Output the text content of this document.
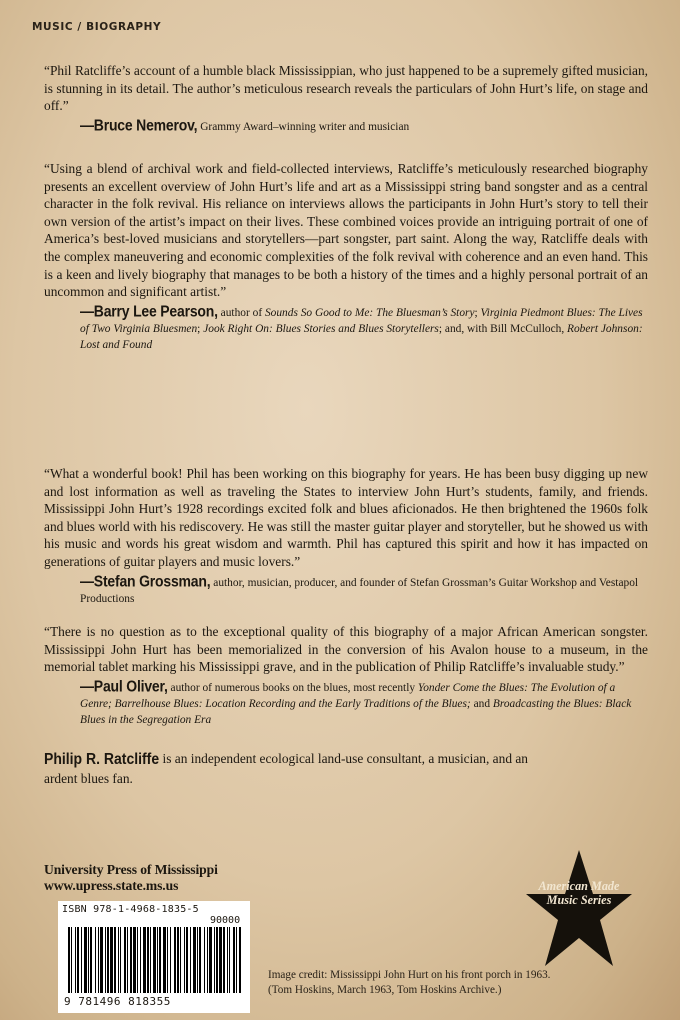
MUSIC / BIOGRAPHY

“Phil Ratcliffe’s account of a humble black Mississippian, who just happened to be a supremely gifted musician, is stunning in its detail. The author’s meticulous research reveals the particulars of John Hurt’s life, on stage and off.”

—Bruce Nemerov, Grammy Award–winning writer and musician

“Using a blend of archival work and field-collected interviews, Ratcliffe’s meticulously researched biography presents an excellent overview of John Hurt’s life and art as a Mississippi string band songster and as a central character in the folk revival. His reliance on interviews allows the participants in John Hurt’s story to tell their own version of the artist’s impact on their lives. These combined voices provide an intriguing portrait of one of America’s best-loved musicians and storytellers—part songster, part saint. Along the way, Ratcliffe deals with the complex maneuvering and economic complexities of the folk revival with coherence and an even hand. This is a keen and lively biography that manages to be both a history of the times and a highly personal portrait of an uncommon and significant artist.”

—Barry Lee Pearson, author of Sounds So Good to Me: The Bluesman’s Story; Virginia Piedmont Blues: The Lives of Two Virginia Bluesmen; Jook Right On: Blues Stories and Blues Storytellers; and, with Bill McCulloch, Robert Johnson: Lost and Found

“What a wonderful book! Phil has been working on this biography for years. He has been busy digging up new and lost information as well as traveling the States to interview John Hurt’s students, family, and friends. Mississippi John Hurt’s 1928 recordings excited folk and blues aficionados. He then brightened the 1960s folk and blues world with his rediscovery. He was still the master guitar player and storyteller, but he showed us with his music and words his great wisdom and warmth. Phil has captured this spirit and how it has impacted on generations of guitar players and music lovers.”

—Stefan Grossman, author, musician, producer, and founder of Stefan Grossman’s Guitar Workshop and Vestapol Productions

“There is no question as to the exceptional quality of this biography of a major African American songster. Mississippi John Hurt has been memorialized in the conversion of his Avalon house to a museum, in the memorial tablet marking his Mississippi grave, and in the publication of Philip Ratcliffe’s invaluable study.”

—Paul Oliver, author of numerous books on the blues, most recently Yonder Come the Blues: The Evolution of a Genre; Barrelhouse Blues: Location Recording and the Early Traditions of the Blues; and Broadcasting the Blues: Black Blues in the Segregation Era
Philip R. Ratcliffe is an independent ecological land-use consultant, a musician, and an ardent blues fan.
University Press of Mississippi
www.upress.state.ms.us
ISBN 978-1-4968-1835-5
90000
9 781496 818355
American Made
Music Series
Image credit: Mississippi John Hurt on his front porch in 1963.
(Tom Hoskins, March 1963, Tom Hoskins Archive.)
